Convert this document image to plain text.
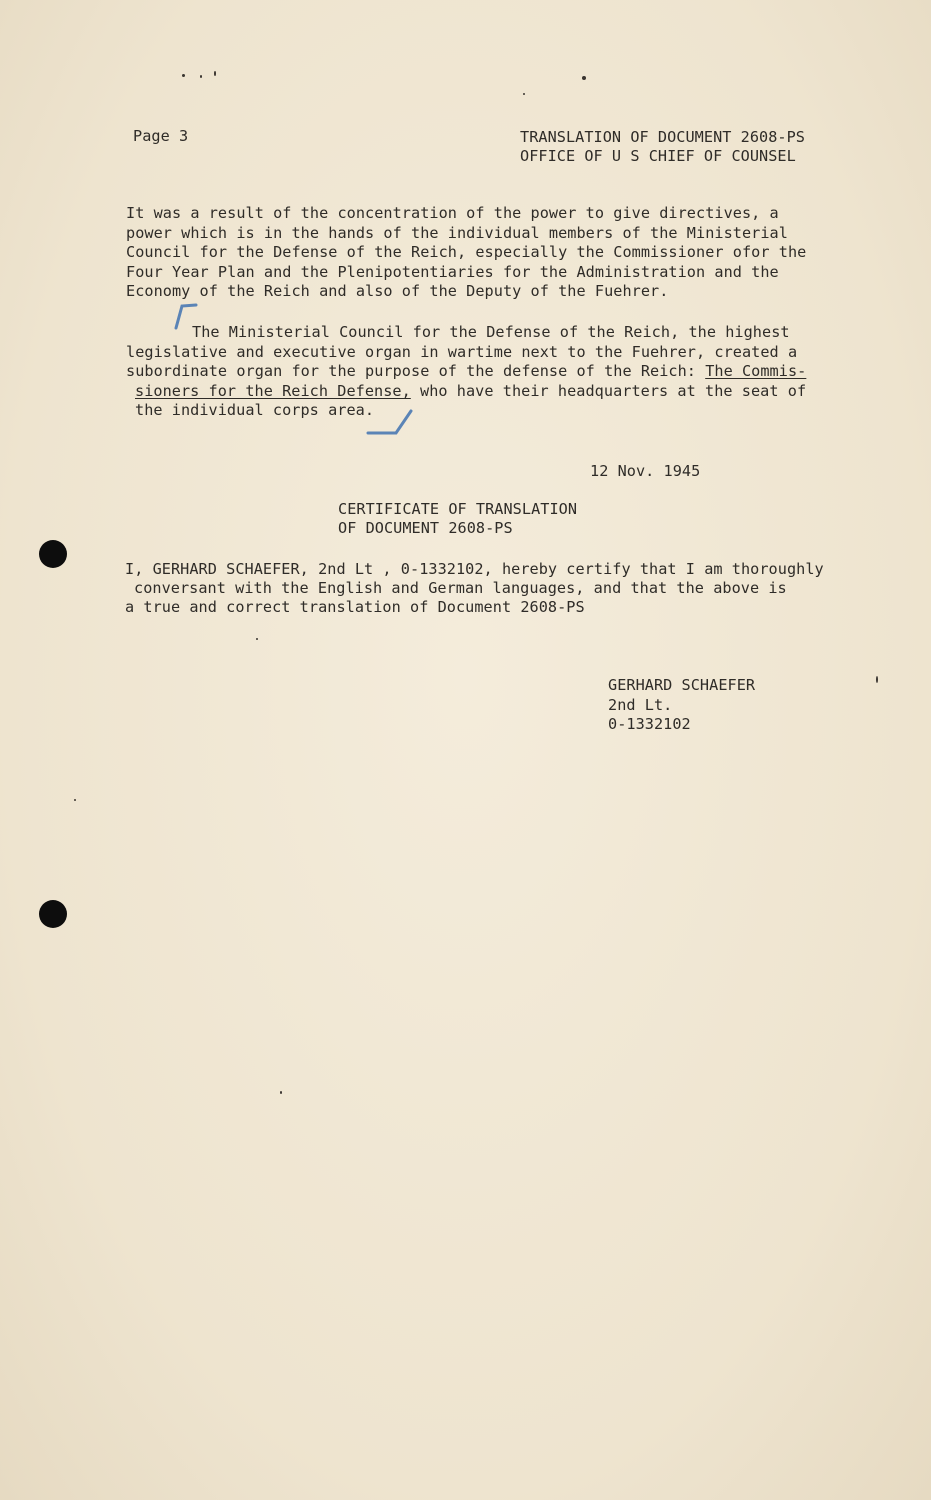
Page 3	TRANSLATION OF DOCUMENT 2608-PS
OFFICE OF U S CHIEF OF COUNSEL
It was a result of the concentration of the power to give directives, a
power which is in the hands of the individual members of the Ministerial
Council for the Defense of the Reich, especially the Commissioner ofor the
Four Year Plan and the Plenipotentiaries for the Administration and the
Economy of the Reich and also of the Deputy of the Fuehrer.
The Ministerial Council for the Defense of the Reich, the highest
legislative and executive organ in wartime next to the Fuehrer, created a
subordinate organ for the purpose of the defense of the Reich: The Commis-
sioners for the Reich Defense, who have their headquarters at the seat of
the individual corps area.
12 Nov. 1945
CERTIFICATE OF TRANSLATION
OF DOCUMENT 2608-PS
I, GERHARD SCHAEFER, 2nd Lt , 0-1332102, hereby certify that I am thoroughly
conversant with the English and German languages, and that the above is
a true and correct translation of Document 2608-PS
GERHARD SCHAEFER
2nd Lt.
0-1332102
